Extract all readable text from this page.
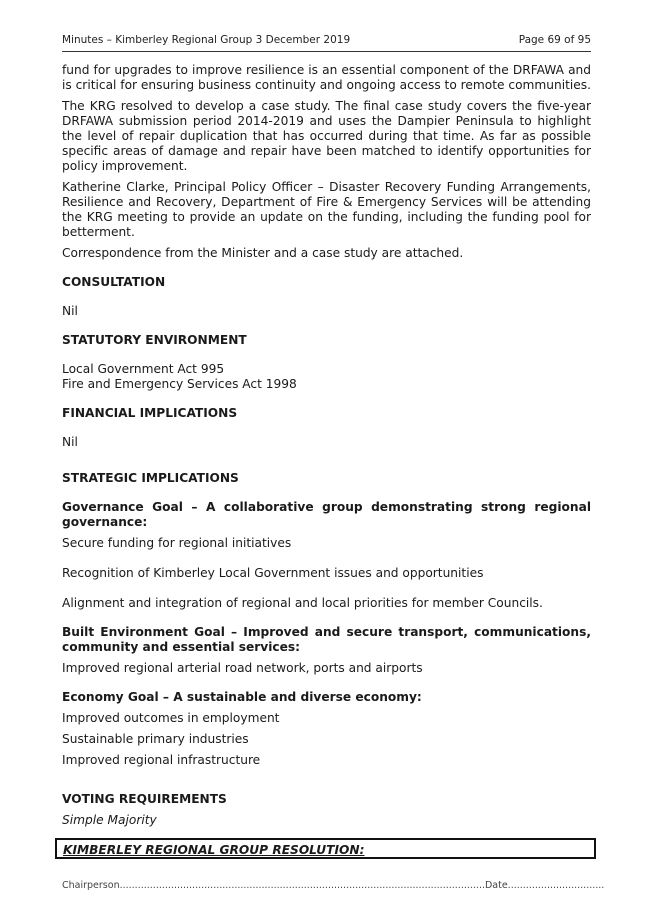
Minutes – Kimberley Regional Group 3 December 2019	Page 69 of 95

fund for upgrades to improve resilience is an essential component of the DRFAWA and is critical for ensuring business continuity and ongoing access to remote communities.

The KRG resolved to develop a case study. The final case study covers the five-year DRFAWA submission period 2014-2019 and uses the Dampier Peninsula to highlight the level of repair duplication that has occurred during that time. As far as possible specific areas of damage and repair have been matched to identify opportunities for policy improvement.

Katherine Clarke, Principal Policy Officer – Disaster Recovery Funding Arrangements, Resilience and Recovery, Department of Fire & Emergency Services will be attending the KRG meeting to provide an update on the funding, including the funding pool for betterment.

Correspondence from the Minister and a case study are attached.

CONSULTATION

Nil

STATUTORY ENVIRONMENT

Local Government Act 995

Fire and Emergency Services Act 1998

FINANCIAL IMPLICATIONS

Nil

STRATEGIC IMPLICATIONS
Governance Goal – A collaborative group demonstrating strong regional governance:

Secure funding for regional initiatives

Recognition of Kimberley Local Government issues and opportunities

Alignment and integration of regional and local priorities for member Councils.

Built Environment Goal – Improved and secure transport, communications, community and essential services:

Improved regional arterial road network, ports and airports

Economy Goal – A sustainable and diverse economy:

Improved outcomes in employment

Sustainable primary industries

Improved regional infrastructure

VOTING REQUIREMENTS

Simple Majority

KIMBERLEY REGIONAL GROUP RESOLUTION:
Chairperson.........................................................................................................................Date................................
